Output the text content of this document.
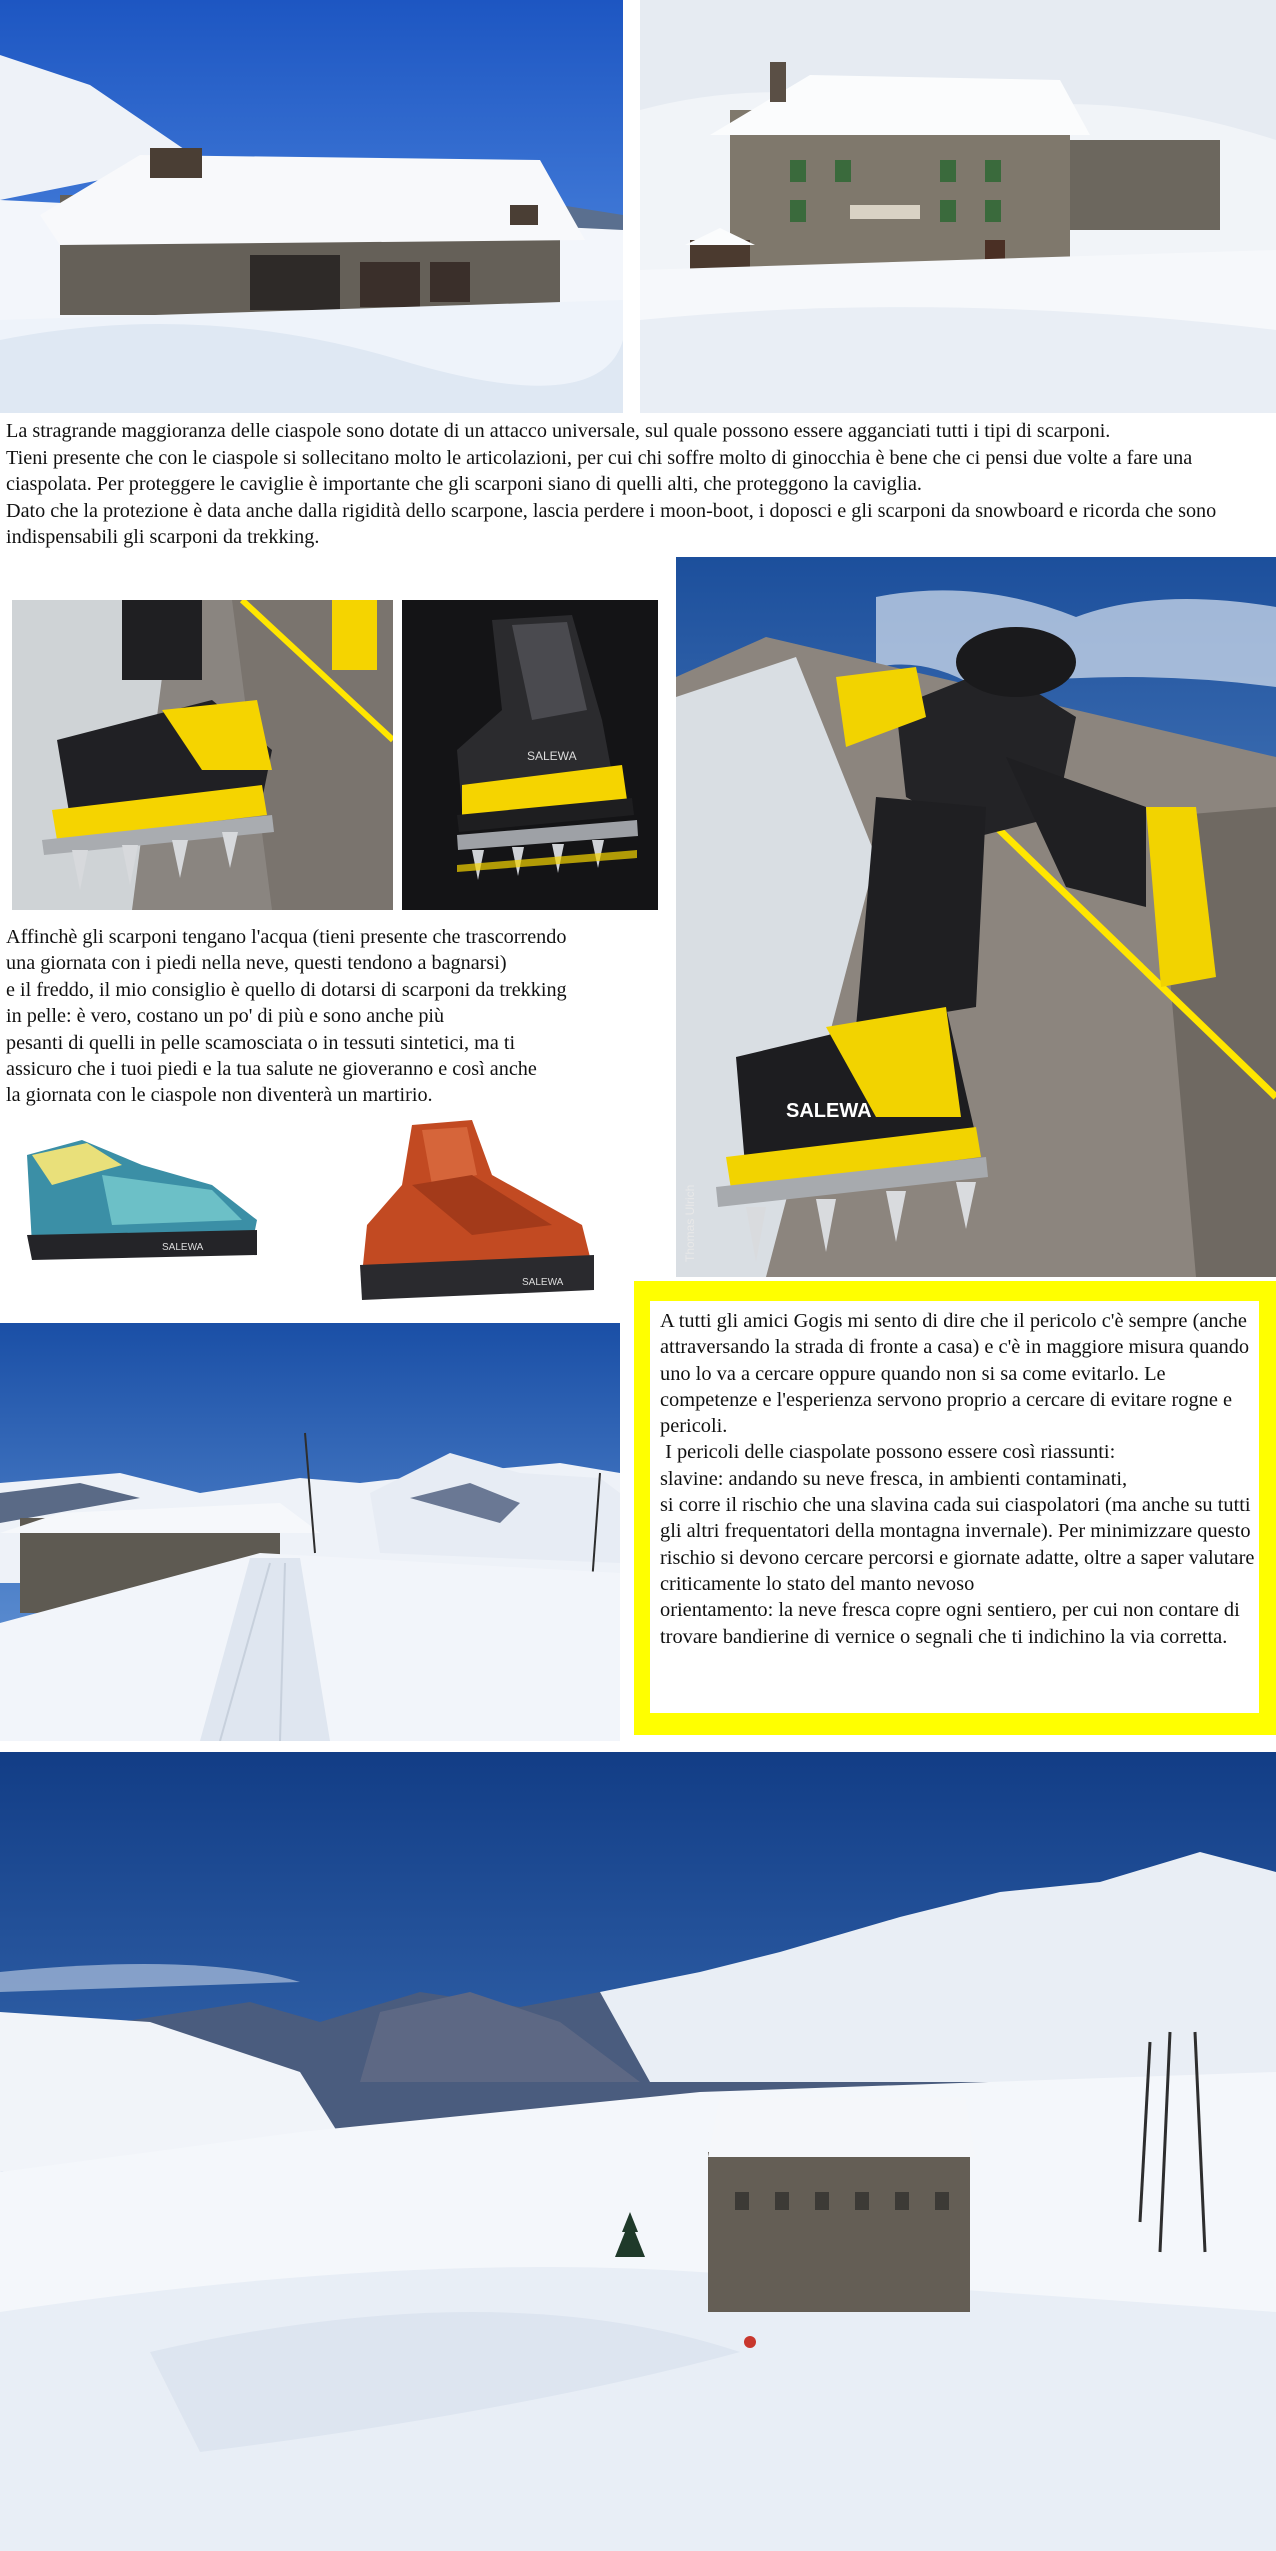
La stragrande maggioranza delle ciaspole sono dotate di un attacco universale, sul quale possono essere agganciati tutti i tipi di scarponi.

Tieni presente che con le ciaspole si sollecitano molto le articolazioni, per cui chi soffre molto di ginocchia è bene che ci pensi due volte a fare una ciaspolata. Per proteggere le caviglie è importante che gli scarponi siano di quelli alti, che proteggono la caviglia.

Dato che la protezione è data anche dalla rigidità dello scarpone, lascia perdere i moon-boot, i doposci e gli scarponi da snowboard e ricorda che sono indispensabili gli scarponi da trekking.

SALEWA
SALEWA
Thomas Ulrich

Affinchè gli scarponi tengano l'acqua (tieni presente che trascorrendo

una giornata con i piedi nella neve, questi tendono a bagnarsi)

e il freddo, il mio consiglio è quello di dotarsi di scarponi da trekking

in pelle: è vero, costano un po' di più e sono anche più

pesanti di quelli in pelle scamosciata o in tessuti sintetici, ma ti

assicuro che i tuoi piedi e la tua salute ne gioveranno e così anche

la giornata con le ciaspole non diventerà un martirio.

SALEWA
SALEWA

A tutti gli amici Gogis mi sento di dire che il pericolo c'è sempre (anche attraversando la strada di fronte a casa) e c'è in maggiore misura quando uno lo va a cercare oppure quando non si sa come evitarlo. Le competenze e l'esperienza servono proprio a cercare di evitare rogne e pericoli.

I pericoli delle ciaspolate possono essere così riassunti:

slavine: andando su neve fresca, in ambienti contaminati,

si corre il rischio che una slavina cada sui ciaspolatori (ma anche su tutti gli altri frequentatori della montagna invernale). Per minimizzare questo rischio si devono cercare percorsi e giornate adatte, oltre a saper valutare criticamente lo stato del manto nevoso

orientamento: la neve fresca copre ogni sentiero, per cui non contare di trovare bandierine di vernice o segnali che ti indichino la via corretta.
